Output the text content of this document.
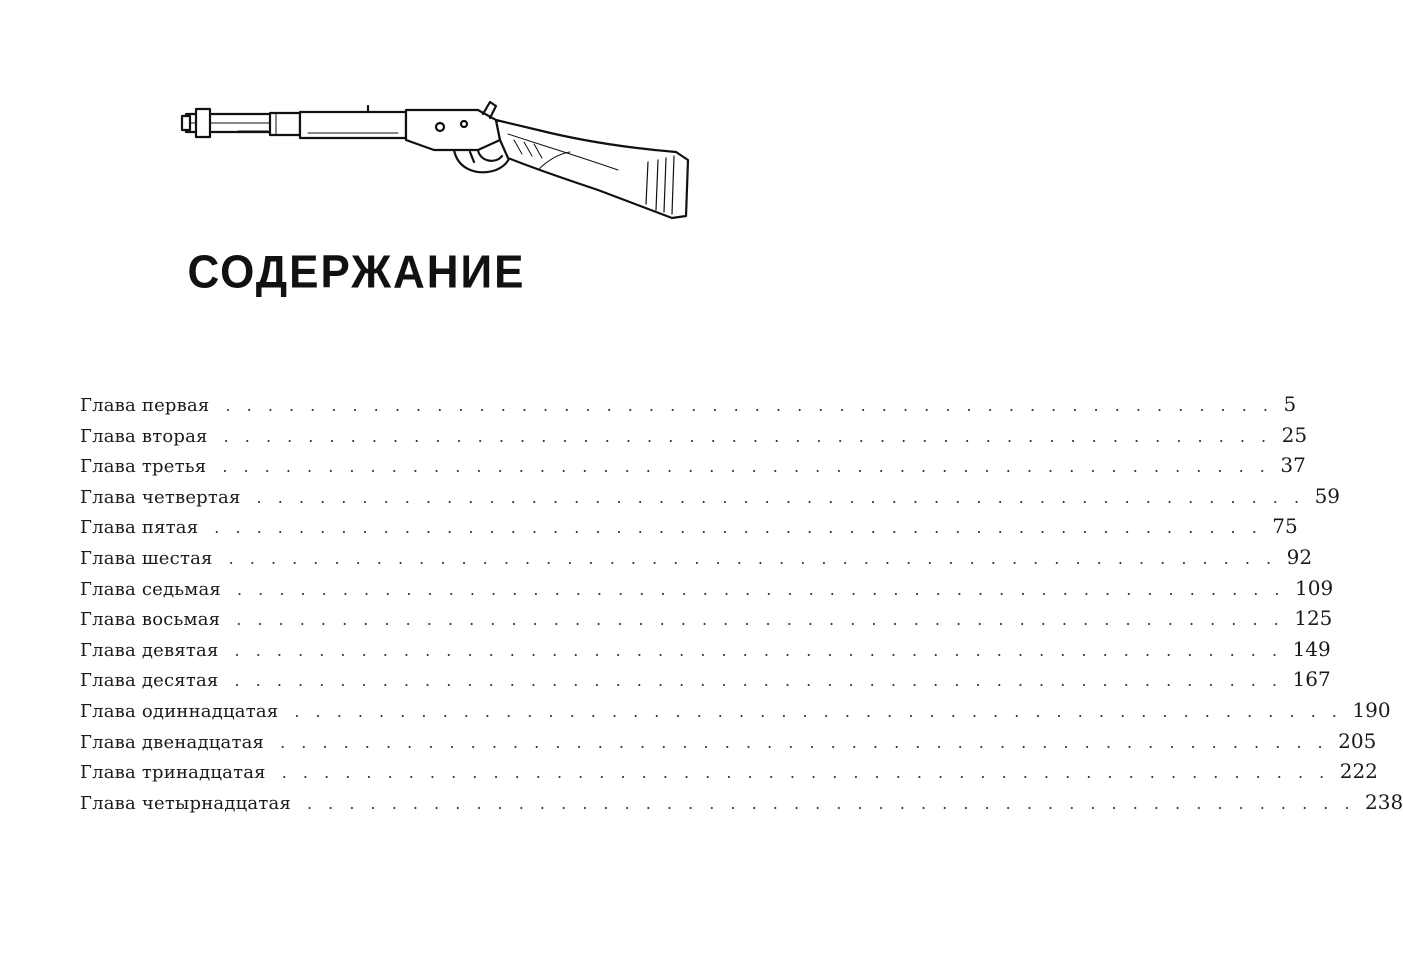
СОДЕРЖАНИЕ
Глава первая . . . . . . . . . . . . . . . . . . . . . . . . . . . . . . . . . . . . . . . . . . . . . . . . . . 5
Глава вторая . . . . . . . . . . . . . . . . . . . . . . . . . . . . . . . . . . . . . . . . . . . . . . . . . . 25
Глава третья . . . . . . . . . . . . . . . . . . . . . . . . . . . . . . . . . . . . . . . . . . . . . . . . . . 37
Глава четвертая . . . . . . . . . . . . . . . . . . . . . . . . . . . . . . . . . . . . . . . . . . . . . . . . . . 59
Глава пятая . . . . . . . . . . . . . . . . . . . . . . . . . . . . . . . . . . . . . . . . . . . . . . . . . . 75
Глава шестая . . . . . . . . . . . . . . . . . . . . . . . . . . . . . . . . . . . . . . . . . . . . . . . . . . 92
Глава седьмая . . . . . . . . . . . . . . . . . . . . . . . . . . . . . . . . . . . . . . . . . . . . . . . . . . 109
Глава восьмая . . . . . . . . . . . . . . . . . . . . . . . . . . . . . . . . . . . . . . . . . . . . . . . . . . 125
Глава девятая . . . . . . . . . . . . . . . . . . . . . . . . . . . . . . . . . . . . . . . . . . . . . . . . . . 149
Глава десятая . . . . . . . . . . . . . . . . . . . . . . . . . . . . . . . . . . . . . . . . . . . . . . . . . . 167
Глава одиннадцатая . . . . . . . . . . . . . . . . . . . . . . . . . . . . . . . . . . . . . . . . . . . . . . . . . . 190
Глава двенадцатая . . . . . . . . . . . . . . . . . . . . . . . . . . . . . . . . . . . . . . . . . . . . . . . . . . 205
Глава тринадцатая . . . . . . . . . . . . . . . . . . . . . . . . . . . . . . . . . . . . . . . . . . . . . . . . . . 222
Глава четырнадцатая . . . . . . . . . . . . . . . . . . . . . . . . . . . . . . . . . . . . . . . . . . . . . . . . . . 238
